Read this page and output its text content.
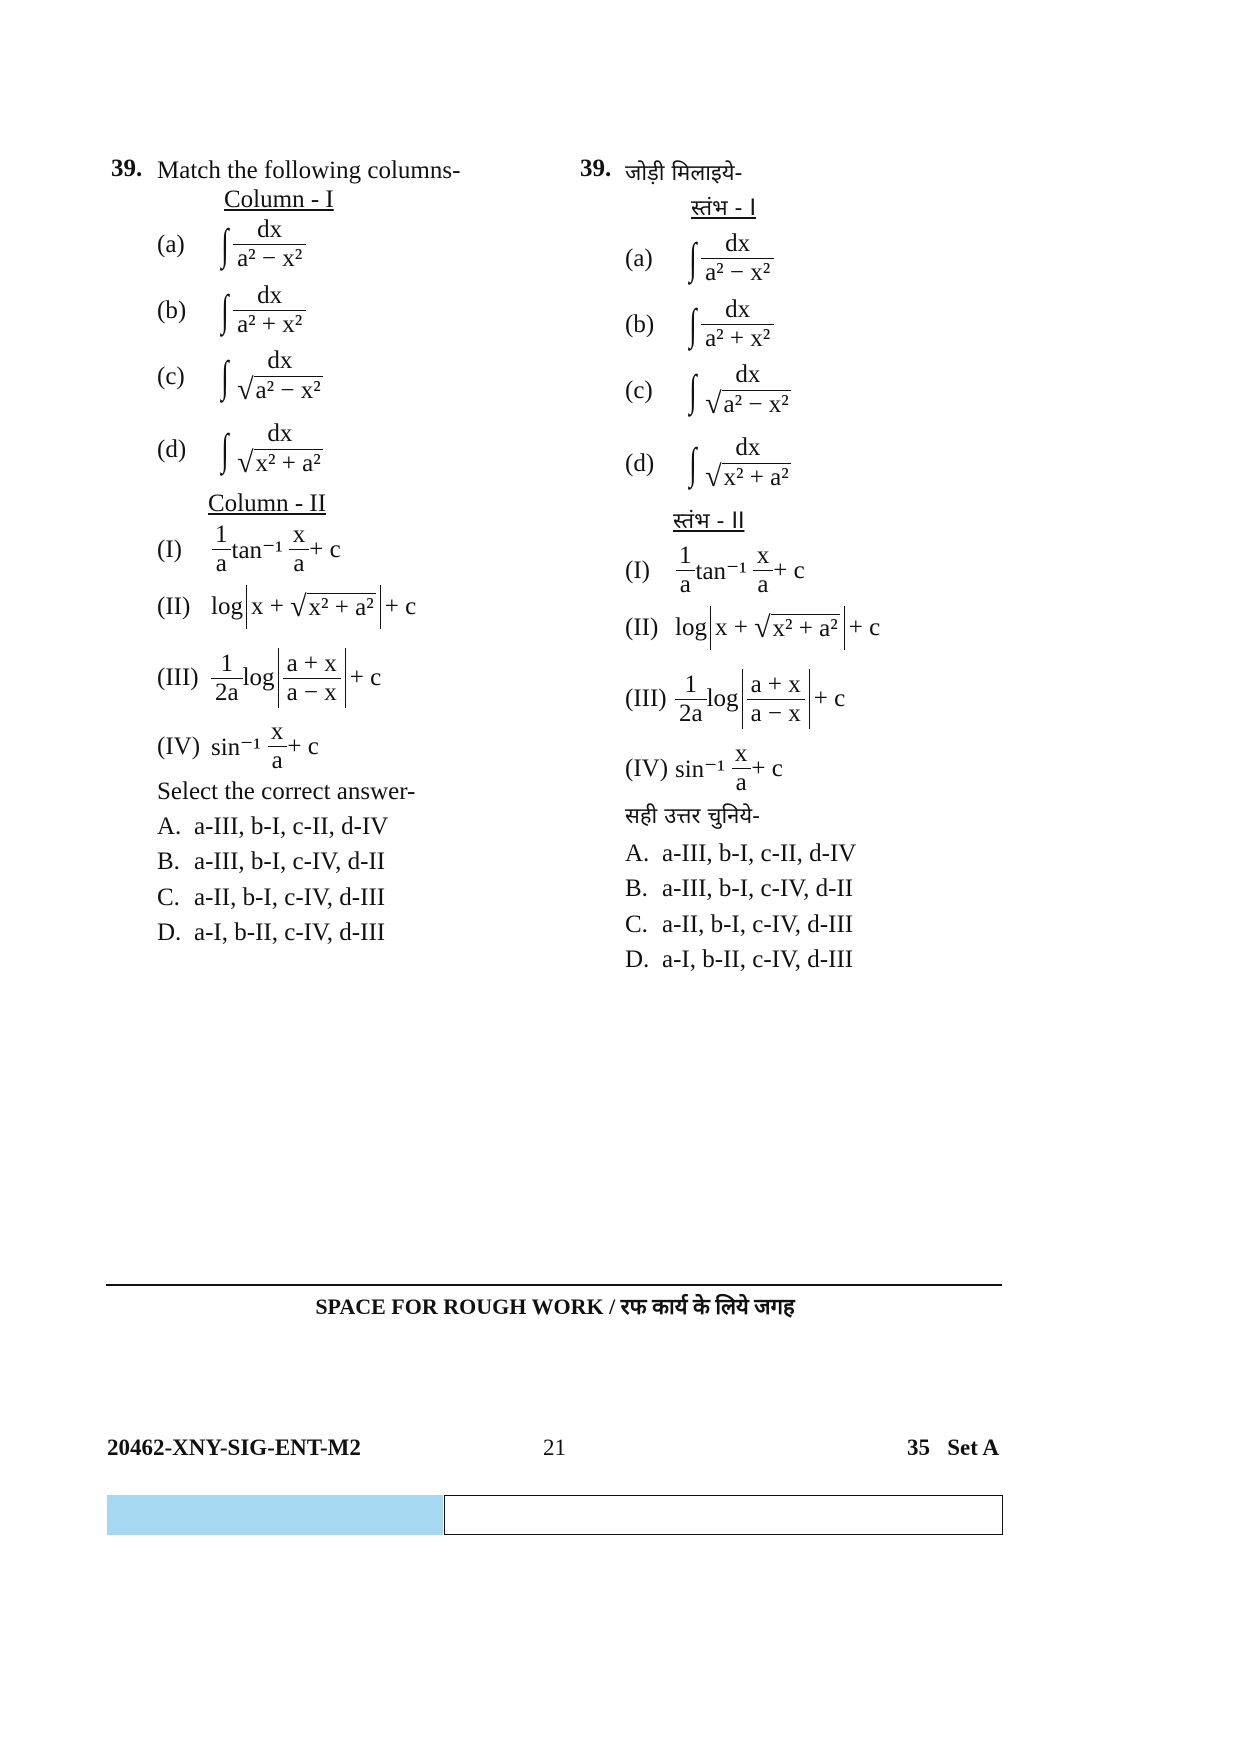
39. Match the following columns-
Column - I
(a) ∫ $\frac{dx}{\text{a² − x²}}$
(b) ∫ $\frac{dx}{\text{a² + x²}}$
(c) ∫ dx
√ a² − x²
(d) ∫ dx
√ x² + a²
Column - II
(I)	$\frac{1}{a} \tan^{-1} \frac{x}{a} + c$
(II) log x +
√ x² + a² + c
$(III) \frac{1}{2a}$ $\log \frac{a + x}{a - x} + c$
(IV) $\sin^{-1} \frac{x}{a} + c$
Select the correct answer-
A. a-III, b-I, c-II, d-IV
B. a-III, b-I, c-IV, d-II
C. a-II, b-I, c-IV, d-III
D. a-I, b-II, c-IV, d-III
39. जोड़ी मिलाइये-
स्तंभ - I
(a) ∫ $\frac{dx}{\text{a² − x²}}$
(b) ∫ $\frac{dx}{\text{a² + x²}}$
(c) ∫ dx
√ a² − x²
(d) ∫ dx
√ x² + a²
स्तंभ - II
(I)	$\frac{1}{a} \tan^{-1} \frac{x}{a} + c$
(II) log x +
√ x² + a² + c
$(III) \frac{1}{2a}$ $\log \frac{a + x}{a - x} + c$
(IV) $\sin^{-1} \frac{x}{a} + c$
सही उत्तर चुनिये-
A. a-III, b-I, c-II, d-IV
B. a-III, b-I, c-IV, d-II
C. a-II, b-I, c-IV, d-III
D. a-I, b-II, c-IV, d-III
SPACE FOR ROUGH WORK / रफ कार्य के लिये जगह
20462-XNY-SIG-ENT-M2	21	35   Set A
